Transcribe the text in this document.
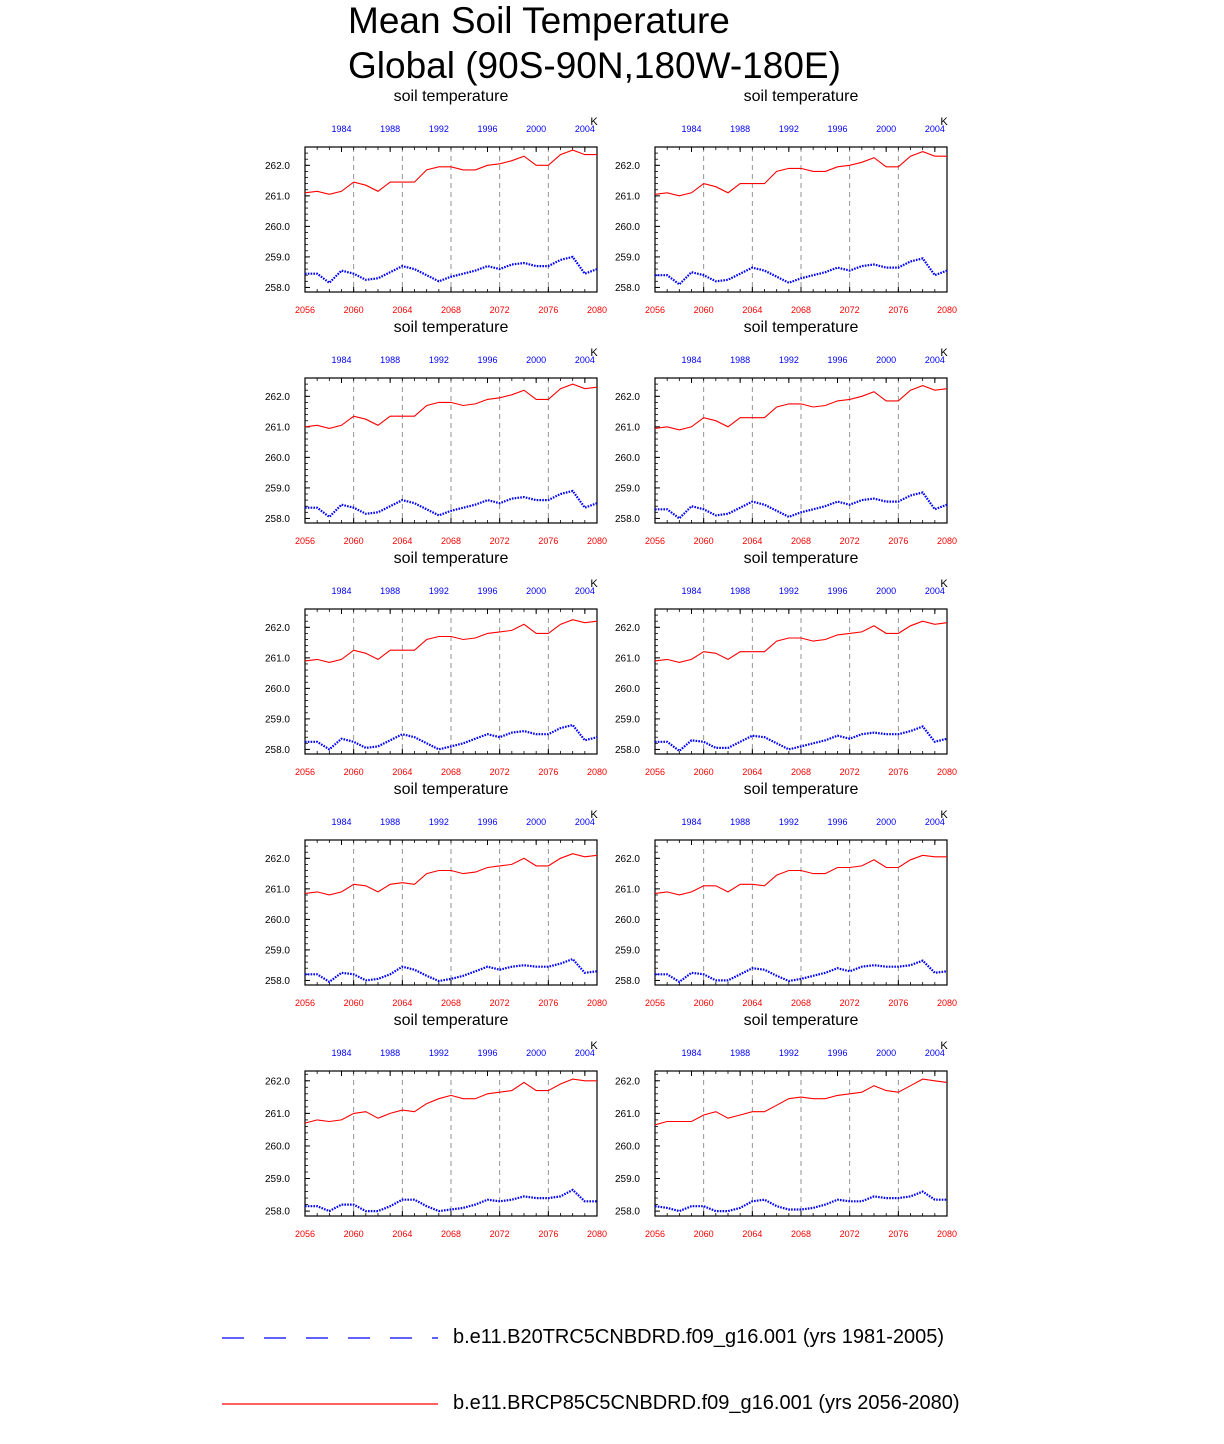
soil temperature
K
258.0
259.0
260.0
261.0
262.0
2056	2060	2064	2068	2072	2076	2080
1984	1988	1992	1996	2000	2004
soil temperature
K
258.0
259.0
260.0
261.0
262.0
2056	2060	2064	2068	2072	2076	2080
1984	1988	1992	1996	2000	2004
soil temperature
K
258.0
259.0
260.0
261.0
262.0
2056	2060	2064	2068	2072	2076	2080
1984	1988	1992	1996	2000	2004
soil temperature
K
258.0
259.0
260.0
261.0
262.0
2056	2060	2064	2068	2072	2076	2080
1984	1988	1992	1996	2000	2004
soil temperature
K
258.0
259.0
260.0
261.0
262.0
2056	2060	2064	2068	2072	2076	2080
1984	1988	1992	1996	2000	2004
soil temperature
K
258.0
259.0
260.0
261.0
262.0
2056	2060	2064	2068	2072	2076	2080
1984	1988	1992	1996	2000	2004
soil temperature
K
258.0
259.0
260.0
261.0
262.0
2056	2060	2064	2068	2072	2076	2080
1984	1988	1992	1996	2000	2004
soil temperature
K
258.0
259.0
260.0
261.0
262.0
2056	2060	2064	2068	2072	2076	2080
1984	1988	1992	1996	2000	2004
soil temperature
K
258.0
259.0
260.0
261.0
262.0
2056	2060	2064	2068	2072	2076	2080
1984	1988	1992	1996	2000	2004
soil temperature
K
258.0
259.0
260.0
261.0
262.0
2056	2060	2064	2068	2072	2076	2080
1984	1988	1992	1996	2000	2004
Mean Soil Temperature
Global (90S-90N,180W-180E)
b.e11.B20TRC5CNBDRD.f09_g16.001 (yrs 1981-2005)
b.e11.BRCP85C5CNBDRD.f09_g16.001 (yrs 2056-2080)
